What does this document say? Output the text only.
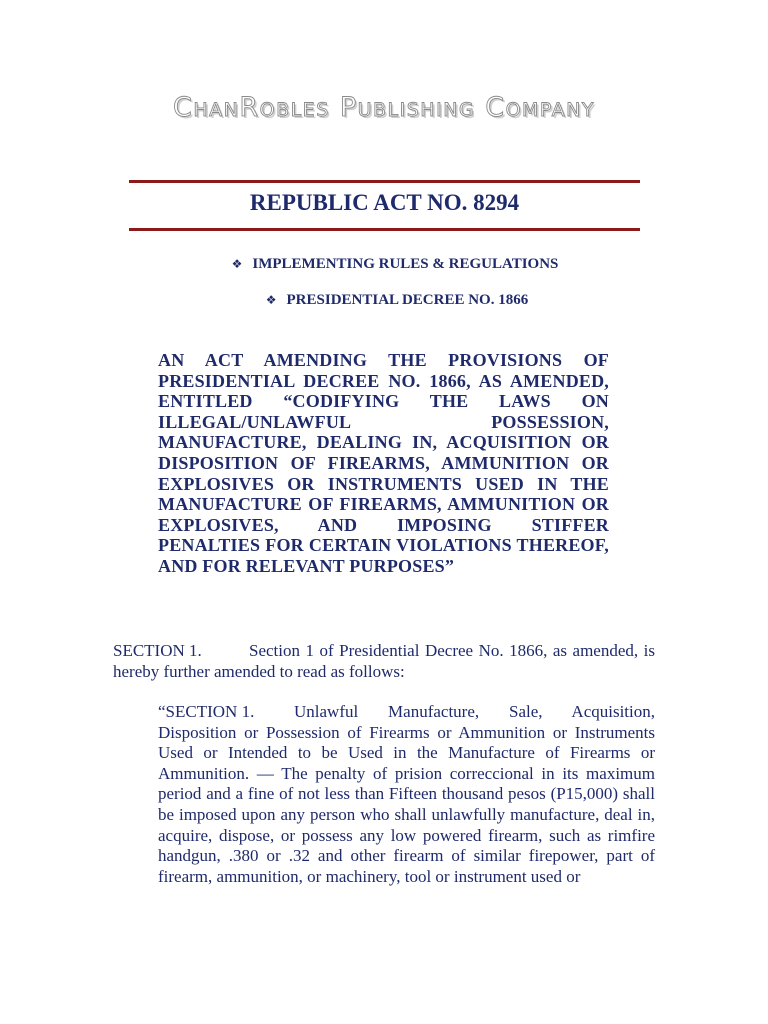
ChanRobles Publishing Company
REPUBLIC ACT NO. 8294
❖ IMPLEMENTING RULES & REGULATIONS
❖ PRESIDENTIAL DECREE NO. 1866
AN ACT AMENDING THE PROVISIONS OF PRESIDENTIAL DECREE NO. 1866, AS AMENDED, ENTITLED “CODIFYING THE LAWS ON ILLEGAL/UNLAWFUL POSSESSION, MANUFACTURE, DEALING IN, ACQUISITION OR DISPOSITION OF FIREARMS, AMMUNITION OR EXPLOSIVES OR INSTRUMENTS USED IN THE MANUFACTURE OF FIREARMS, AMMUNITION OR EXPLOSIVES, AND IMPOSING STIFFER PENALTIES FOR CERTAIN VIOLATIONS THEREOF, AND FOR RELEVANT PURPOSES”
SECTION 1.	Section 1 of Presidential Decree No. 1866, as amended, is hereby further amended to read as follows:
“SECTION 1. Unlawful Manufacture, Sale, Acquisition, Disposition or Possession of Firearms or Ammunition or Instruments Used or Intended to be Used in the Manufacture of Firearms or Ammunition. — The penalty of prision correccional in its maximum period and a fine of not less than Fifteen thousand pesos (P15,000) shall be imposed upon any person who shall unlawfully manufacture, deal in, acquire, dispose, or possess any low powered firearm, such as rimfire handgun, .380 or .32 and other firearm of similar firepower, part of firearm, ammunition, or machinery, tool or instrument used or
